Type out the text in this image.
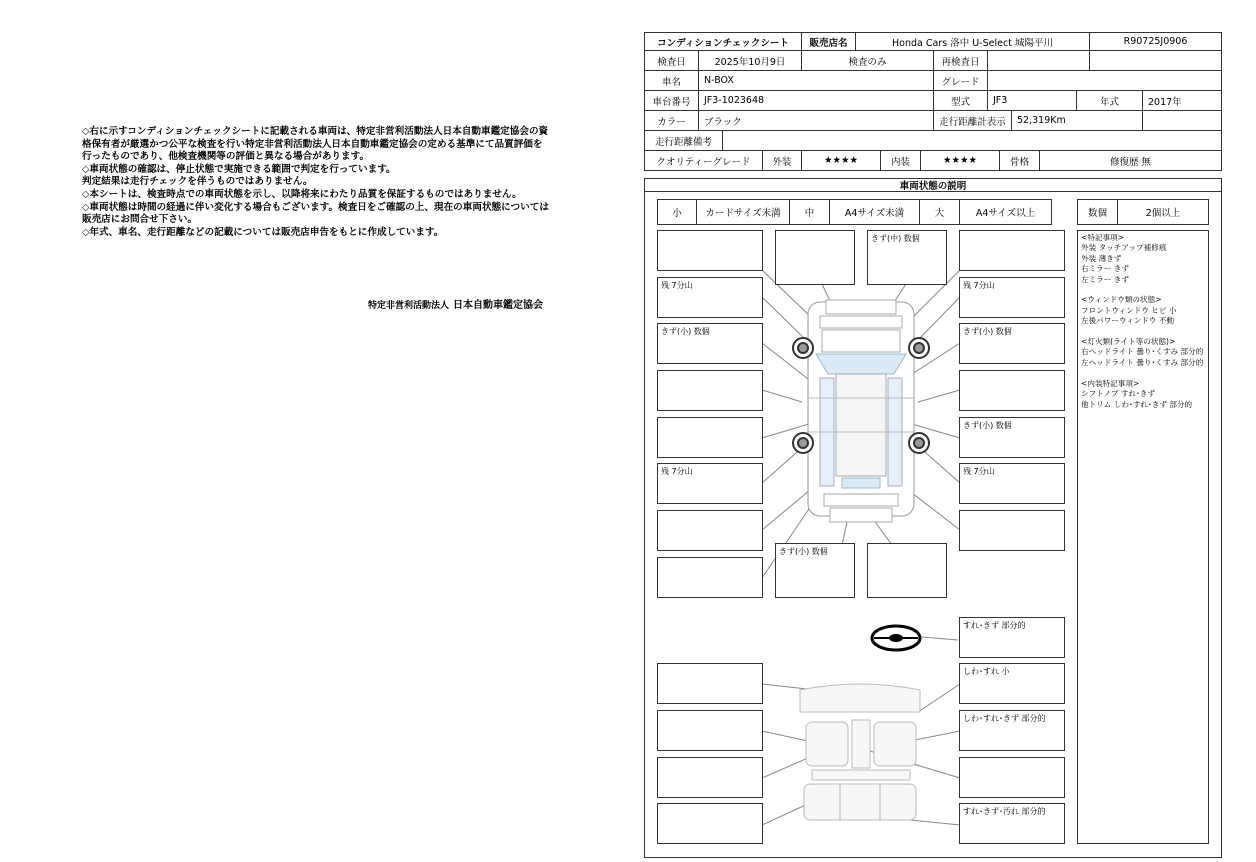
◇右に示すコンディションチェックシートに記載される車両は、特定非営利活動法人日本自動車鑑定協会の資格保有者が厳選かつ公平な検査を行い特定非営利活動法人日本自動車鑑定協会の定める基準にて品質評価を行ったものであり、他検査機関等の評価と異なる場合があります。

◇車両状態の確認は、停止状態で実施できる範囲で判定を行っています。
判定結果は走行チェックを伴うものではありません。

◇本シートは、検査時点での車両状態を示し、以降将来にわたり品質を保証するものではありません。

◇車両状態は時間の経過に伴い変化する場合もございます。検査日をご確認の上、現在の車両状態については販売店にお問合せ下さい。

◇年式、車名、走行距離などの記載については販売店申告をもとに作成しています。

特定非営利活動法人 日本自動車鑑定協会
コンディションチェックシート	販売店名	Honda Cars 洛中 U-Select 城陽平川	R90725J0906
検査日	2025年10月9日	検査のみ	再検査日
車名	N-BOX	グレード
車台番号	JF3-1023648	型式	JF3	年式	2017年
カラー	ブラック	走行距離計表示	52,319Km
走行距離備考
クオリティーグレード	外装	★★★★	内装	★★★★	骨格	修復歴 無
車両状態の説明
小	カードサイズ未満	中	A4サイズ未満	大	A4サイズ以上	数個	2個以上
残 7分山
きず(小) 数個
残 7分山
きず(中) 数個
きず(小) 数個
残 7分山
きず(小) 数個
きず(小) 数個
残 7分山
すれ･きず 部分的
しわ･すれ 小
しわ･すれ･きず 部分的
すれ･きず･汚れ 部分的
<特記事項>
外装 タッチアップ補修痕
外装 薄きず
右ミラー きず
左ミラー きず

<ウィンドウ類の状態>
フロントウィンドウ ヒビ 小
左後パワーウィンドウ 不動

<灯火類(ライト等の状態)>
右ヘッドライト 曇り･くすみ 部分的
左ヘッドライト 曇り･くすみ 部分的

<内装特記事項>
シフトノブ すれ･きず
他トリム しわ･すれ･きず 部分的
